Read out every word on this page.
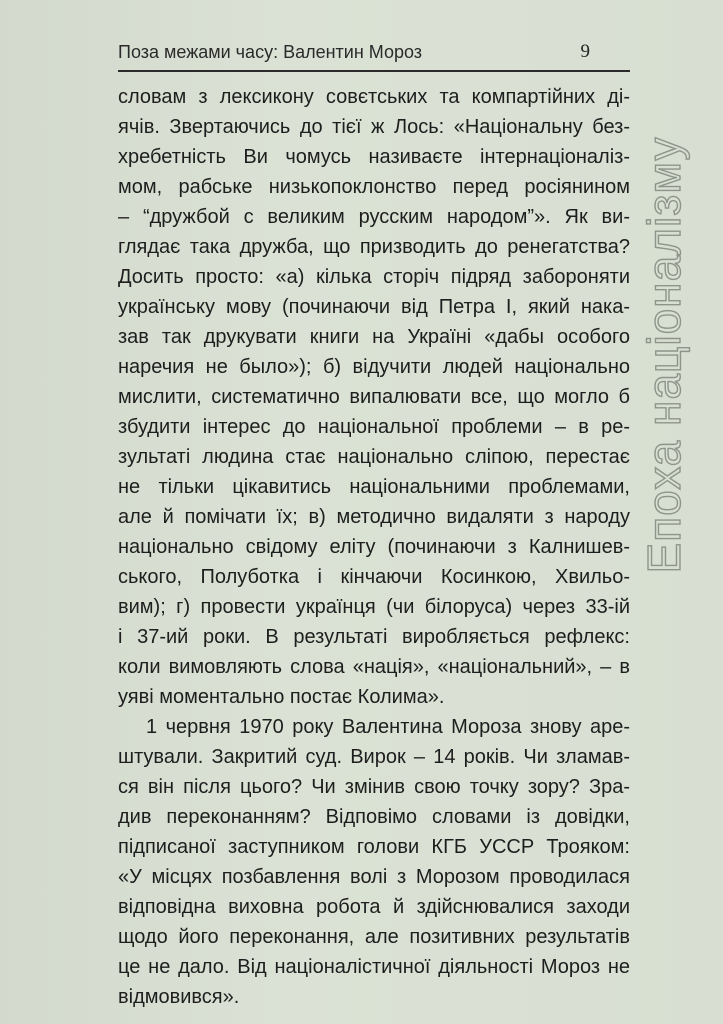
Поза межами часу: Валентин Мороз	9
словам з лексикону совєтських та компартійних ді-
ячів. Звертаючись до тієї ж Лось: «Національну без-
хребетність Ви чомусь називаєте інтернаціоналіз-
мом, рабське низькопоклонство перед росіянином
– “дружбой с великим русским народом”». Як ви-
глядає така дружба, що призводить до ренегатства?
Досить просто: «а) кілька сторіч підряд забороняти
українську мову (починаючи від Петра І, який нака-
зав так друкувати книги на Україні «дабы особого
наречия не было»); б) відучити людей національно
мислити, систематично випалювати все, що могло б
збудити інтерес до національної проблеми – в ре-
зультаті людина стає національно сліпою, перестає
не тільки цікавитись національними проблемами,
але й помічати їх; в) методично видаляти з народу
національно свідому еліту (починаючи з Калнишев-
ського, Полуботка і кінчаючи Косинкою, Хвильо-
вим); г) провести українця (чи білоруса) через 33-ій
і 37-ий роки. В результаті виробляється рефлекс:
коли вимовляють слова «нація», «національний», – в
уяві моментально постає Колима».
1 червня 1970 року Валентина Мороза знову аре-
штували. Закритий суд. Вирок – 14 років. Чи зламав-
ся він після цього? Чи змінив свою точку зору? Зра-
див переконанням? Відповімо словами із довідки,
підписаної заступником голови КГБ УССР Трояком:
«У місцях позбавлення волі з Морозом проводилася
відповідна виховна робота й здійснювалися заходи
щодо його переконання, але позитивних результатів
це не дало. Від націоналістичної діяльності Мороз не
відмовився».
Епоха націоналізму
